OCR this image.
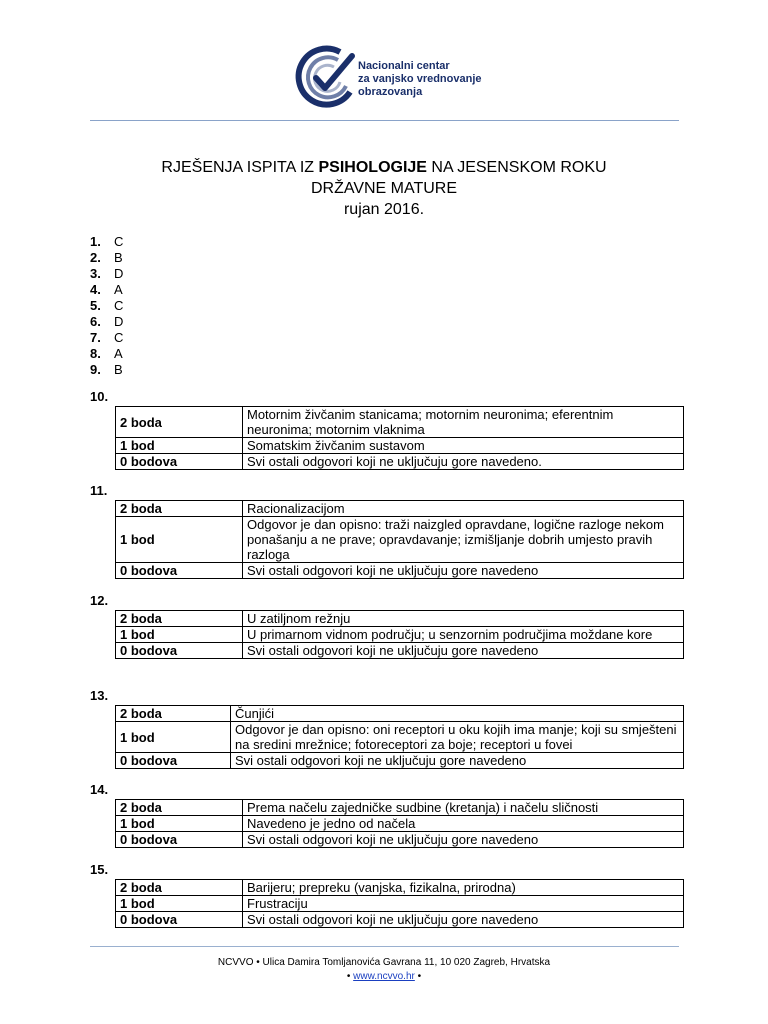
Nacionalni centar
za vanjsko vrednovanje
obrazovanja
RJEŠENJA ISPITA IZ PSIHOLOGIJE NA JESENSKOM ROKU
DRŽAVNE MATURE
rujan 2016.
1.	C
2.	B
3.	D
4.	A
5.	C
6.	D
7.	C
8.	A
9.	B
10.
2 boda	Motornim živčanim stanicama; motornim neuronima; eferentnim neuronima; motornim vlaknima
1 bod	Somatskim živčanim sustavom
0 bodova	Svi ostali odgovori koji ne uključuju gore navedeno.
11.
2 boda	Racionalizacijom
1 bod	Odgovor je dan opisno: traži naizgled opravdane, logične razloge nekom ponašanju a ne prave; opravdavanje; izmišljanje dobrih umjesto pravih razloga
0 bodova	Svi ostali odgovori koji ne uključuju gore navedeno
12.
2 boda	U zatiljnom režnju
1 bod	U primarnom vidnom području; u senzornim područjima moždane kore
0 bodova	Svi ostali odgovori koji ne uključuju gore navedeno
13.
2 boda	Čunjići
1 bod	Odgovor je dan opisno: oni receptori u oku kojih ima manje; koji su smješteni na sredini mrežnice; fotoreceptori za boje; receptori u fovei
0 bodova	Svi ostali odgovori koji ne uključuju gore navedeno
14.
2 boda	Prema načelu zajedničke sudbine (kretanja) i načelu sličnosti
1 bod	Navedeno je jedno od načela
0 bodova	Svi ostali odgovori koji ne uključuju gore navedeno
15.
2 boda	Barijeru; prepreku (vanjska, fizikalna, prirodna)
1 bod	Frustraciju
0 bodova	Svi ostali odgovori koji ne uključuju gore navedeno
NCVVO • Ulica Damira Tomljanovića Gavrana 11, 10 020 Zagreb, Hrvatska
• www.ncvvo.hr •
